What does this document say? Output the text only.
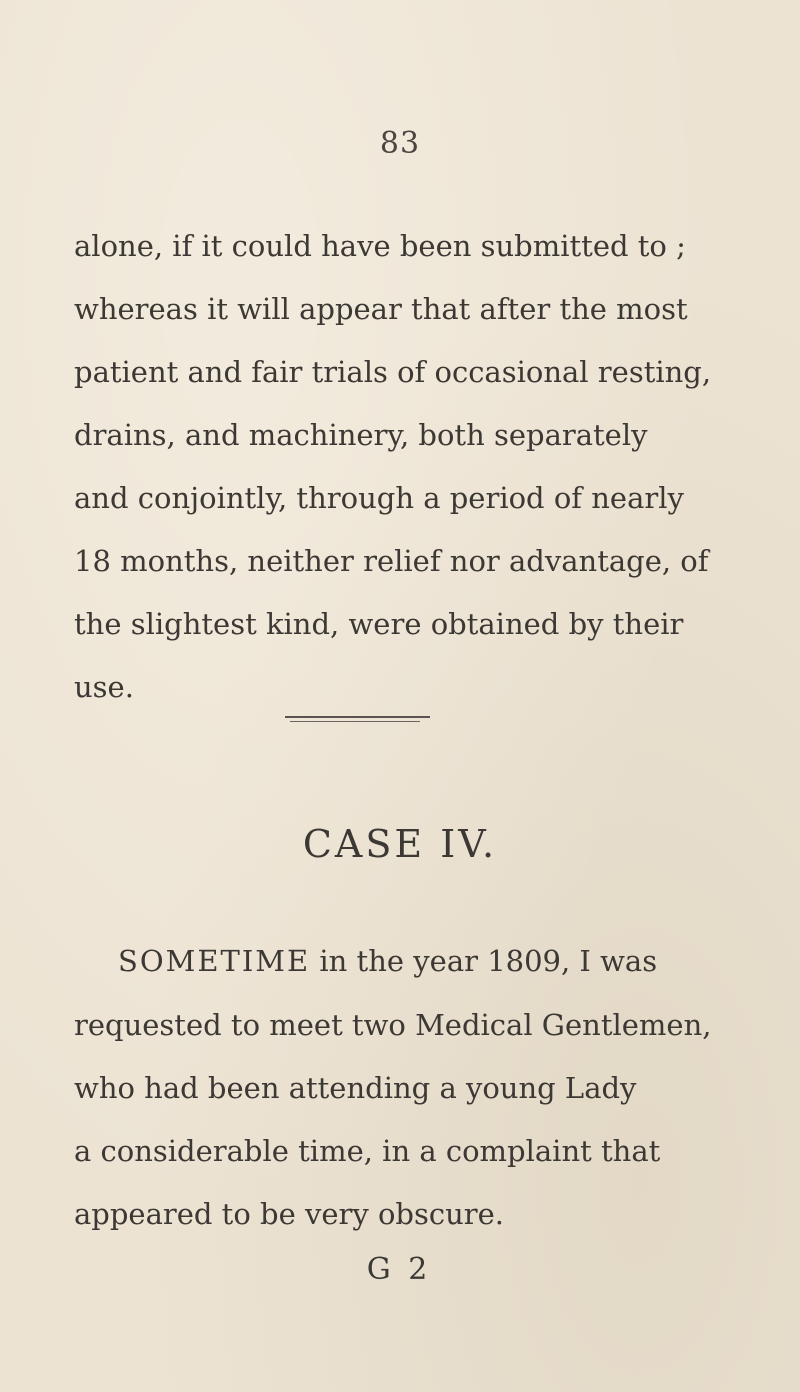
83
alone, if it could have been submitted to ;
whereas it will appear that after the most
patient and fair trials of occasional resting,
drains, and machinery, both separately
and conjointly, through a period of nearly
18 months, neither relief nor advantage, of
the slightest kind, were obtained by their
use.
CASE IV.
SOMETIME in the year 1809, I was
requested to meet two Medical Gentlemen,
who had been attending a young Lady
a considerable time, in a complaint that
appeared to be very obscure.
G 2
